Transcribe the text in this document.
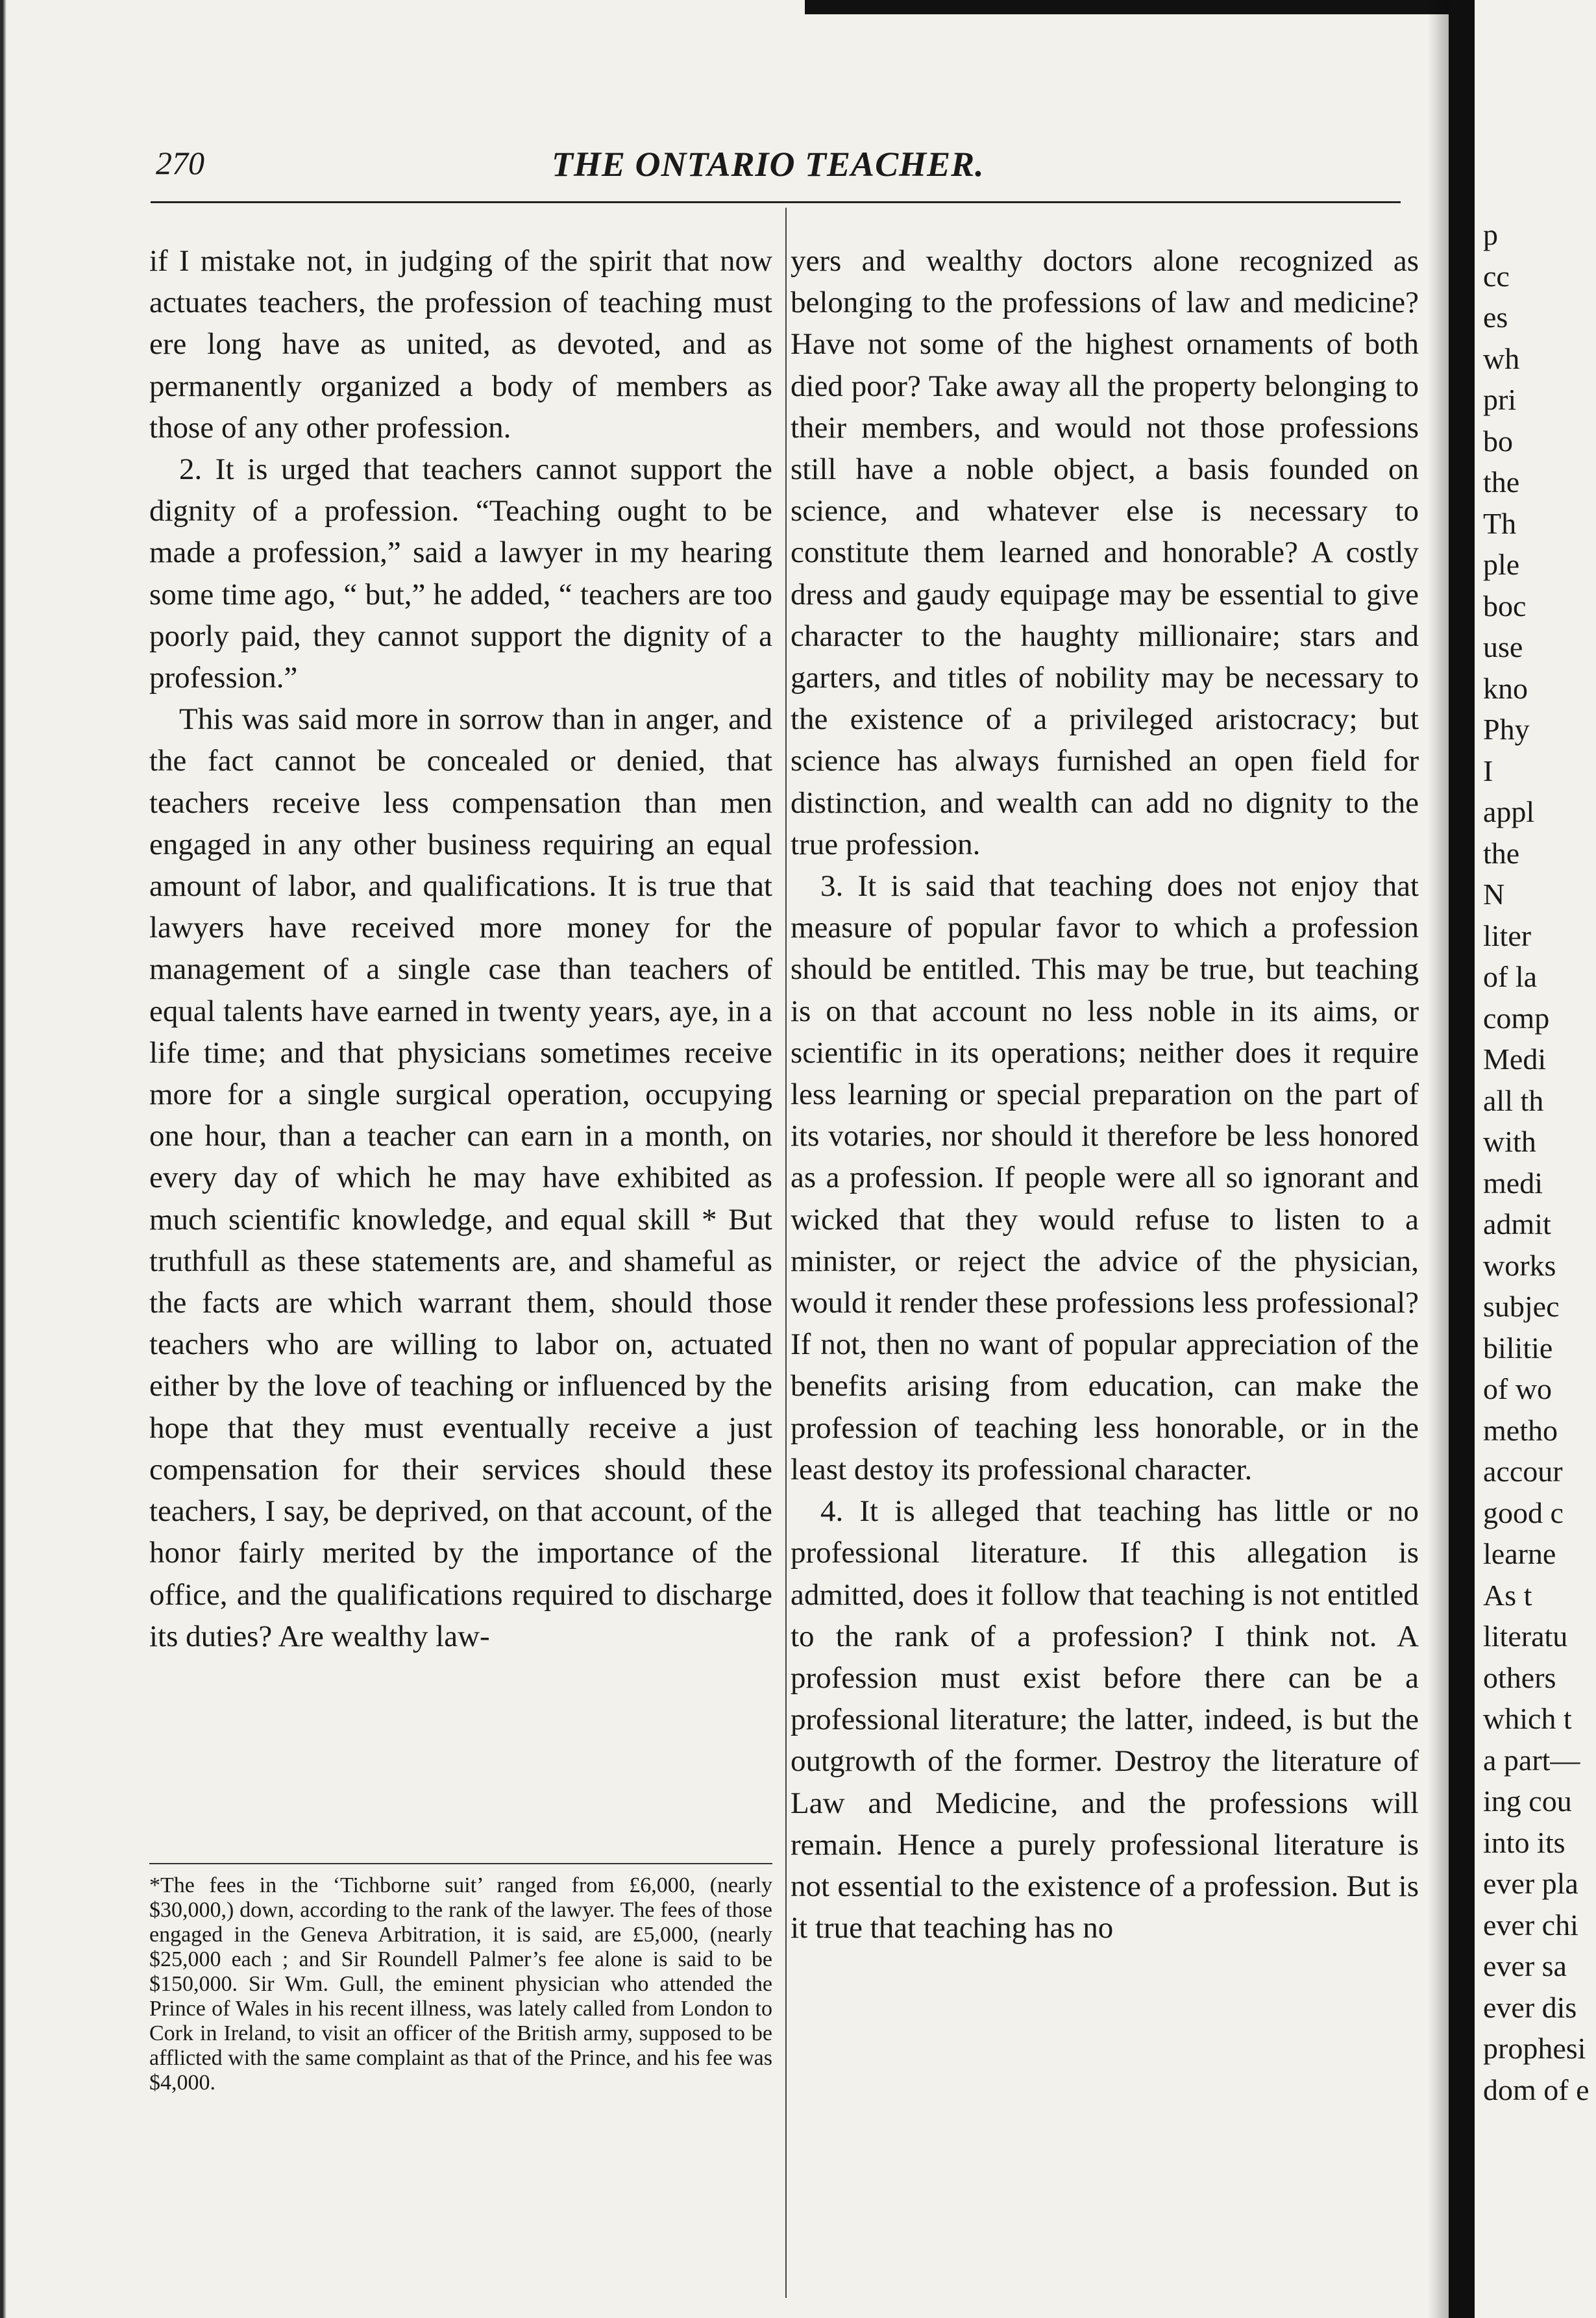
270	THE ONTARIO TEACHER.

if I mistake not, in judging of the spirit that now actuates teachers, the profession of teaching must ere long have as united, as devoted, and as permanently organized a body of members as those of any other profession.

2. It is urged that teachers cannot support the dignity of a profession. “Teaching ought to be made a profession,” said a lawyer in my hearing some time ago, “ but,” he added, “ teachers are too poorly paid, they cannot support the dignity of a profession.”

This was said more in sorrow than in anger, and the fact cannot be concealed or denied, that teachers receive less compensation than men engaged in any other business requiring an equal amount of labor, and qualifications. It is true that lawyers have received more money for the management of a single case than teachers of equal talents have earned in twenty years, aye, in a life time; and that physicians sometimes receive more for a single surgical operation, occupying one hour, than a teacher can earn in a month, on every day of which he may have exhibited as much scientific knowledge, and equal skill * But truthfull as these statements are, and shameful as the facts are which warrant them, should those teachers who are willing to labor on, actuated either by the love of teaching or influenced by the hope that they must eventually receive a just compensation for their services should these teachers, I say, be deprived, on that account, of the honor fairly merited by the importance of the office, and the qualifications required to discharge its duties? Are wealthy law-

yers and wealthy doctors alone recognized as belonging to the professions of law and medicine? Have not some of the highest ornaments of both died poor? Take away all the property belonging to their members, and would not those professions still have a noble object, a basis founded on science, and whatever else is necessary to constitute them learned and honorable? A costly dress and gaudy equipage may be essential to give character to the haughty millionaire; stars and garters, and titles of nobility may be necessary to the existence of a privileged aristocracy; but science has always furnished an open field for distinction, and wealth can add no dignity to the true profession.

3. It is said that teaching does not enjoy that measure of popular favor to which a profession should be entitled. This may be true, but teaching is on that account no less noble in its aims, or scientific in its operations; neither does it require less learning or special preparation on the part of its votaries, nor should it therefore be less honored as a profession. If people were all so ignorant and wicked that they would refuse to listen to a minister, or reject the advice of the physician, would it render these professions less professional? If not, then no want of popular appreciation of the benefits arising from education, can make the profession of teaching less honorable, or in the least destoy its professional character.

4. It is alleged that teaching has little or no professional literature. If this allegation is admitted, does it follow that teaching is not entitled to the rank of a profession? I think not. A profession must exist before there can be a professional literature; the latter, indeed, is but the outgrowth of the former. Destroy the literature of Law and Medicine, and the professions will remain. Hence a purely professional literature is not essential to the existence of a profession. But is it true that teaching has no

*The fees in the ‘Tichborne suit’ ranged from £6,000, (nearly $30,000,) down, according to the rank of the lawyer. The fees of those engaged in the Geneva Arbitration, it is said, are £5,000, (nearly $25,000 each ; and Sir Roundell Palmer’s fee alone is said to be $150,000. Sir Wm. Gull, the eminent physician who attended the Prince of Wales in his recent illness, was lately called from London to Cork in Ireland, to visit an officer of the British army, supposed to be afflicted with the same complaint as that of the Prince, and his fee was $4,000.
p
cc
es
wh
pri
bo
the
Th
ple
boc
use
kno
Phy
I
appl
the
N
liter
of la
comp
Medi
all th
with
medi
admit
works
subjec
bilitie
of wo
metho
accour
good c
learne
As t
literatu
others
which t
a part—
ing cou
into its
ever pla
ever chi
ever sa
ever dis
prophesi
dom of e
